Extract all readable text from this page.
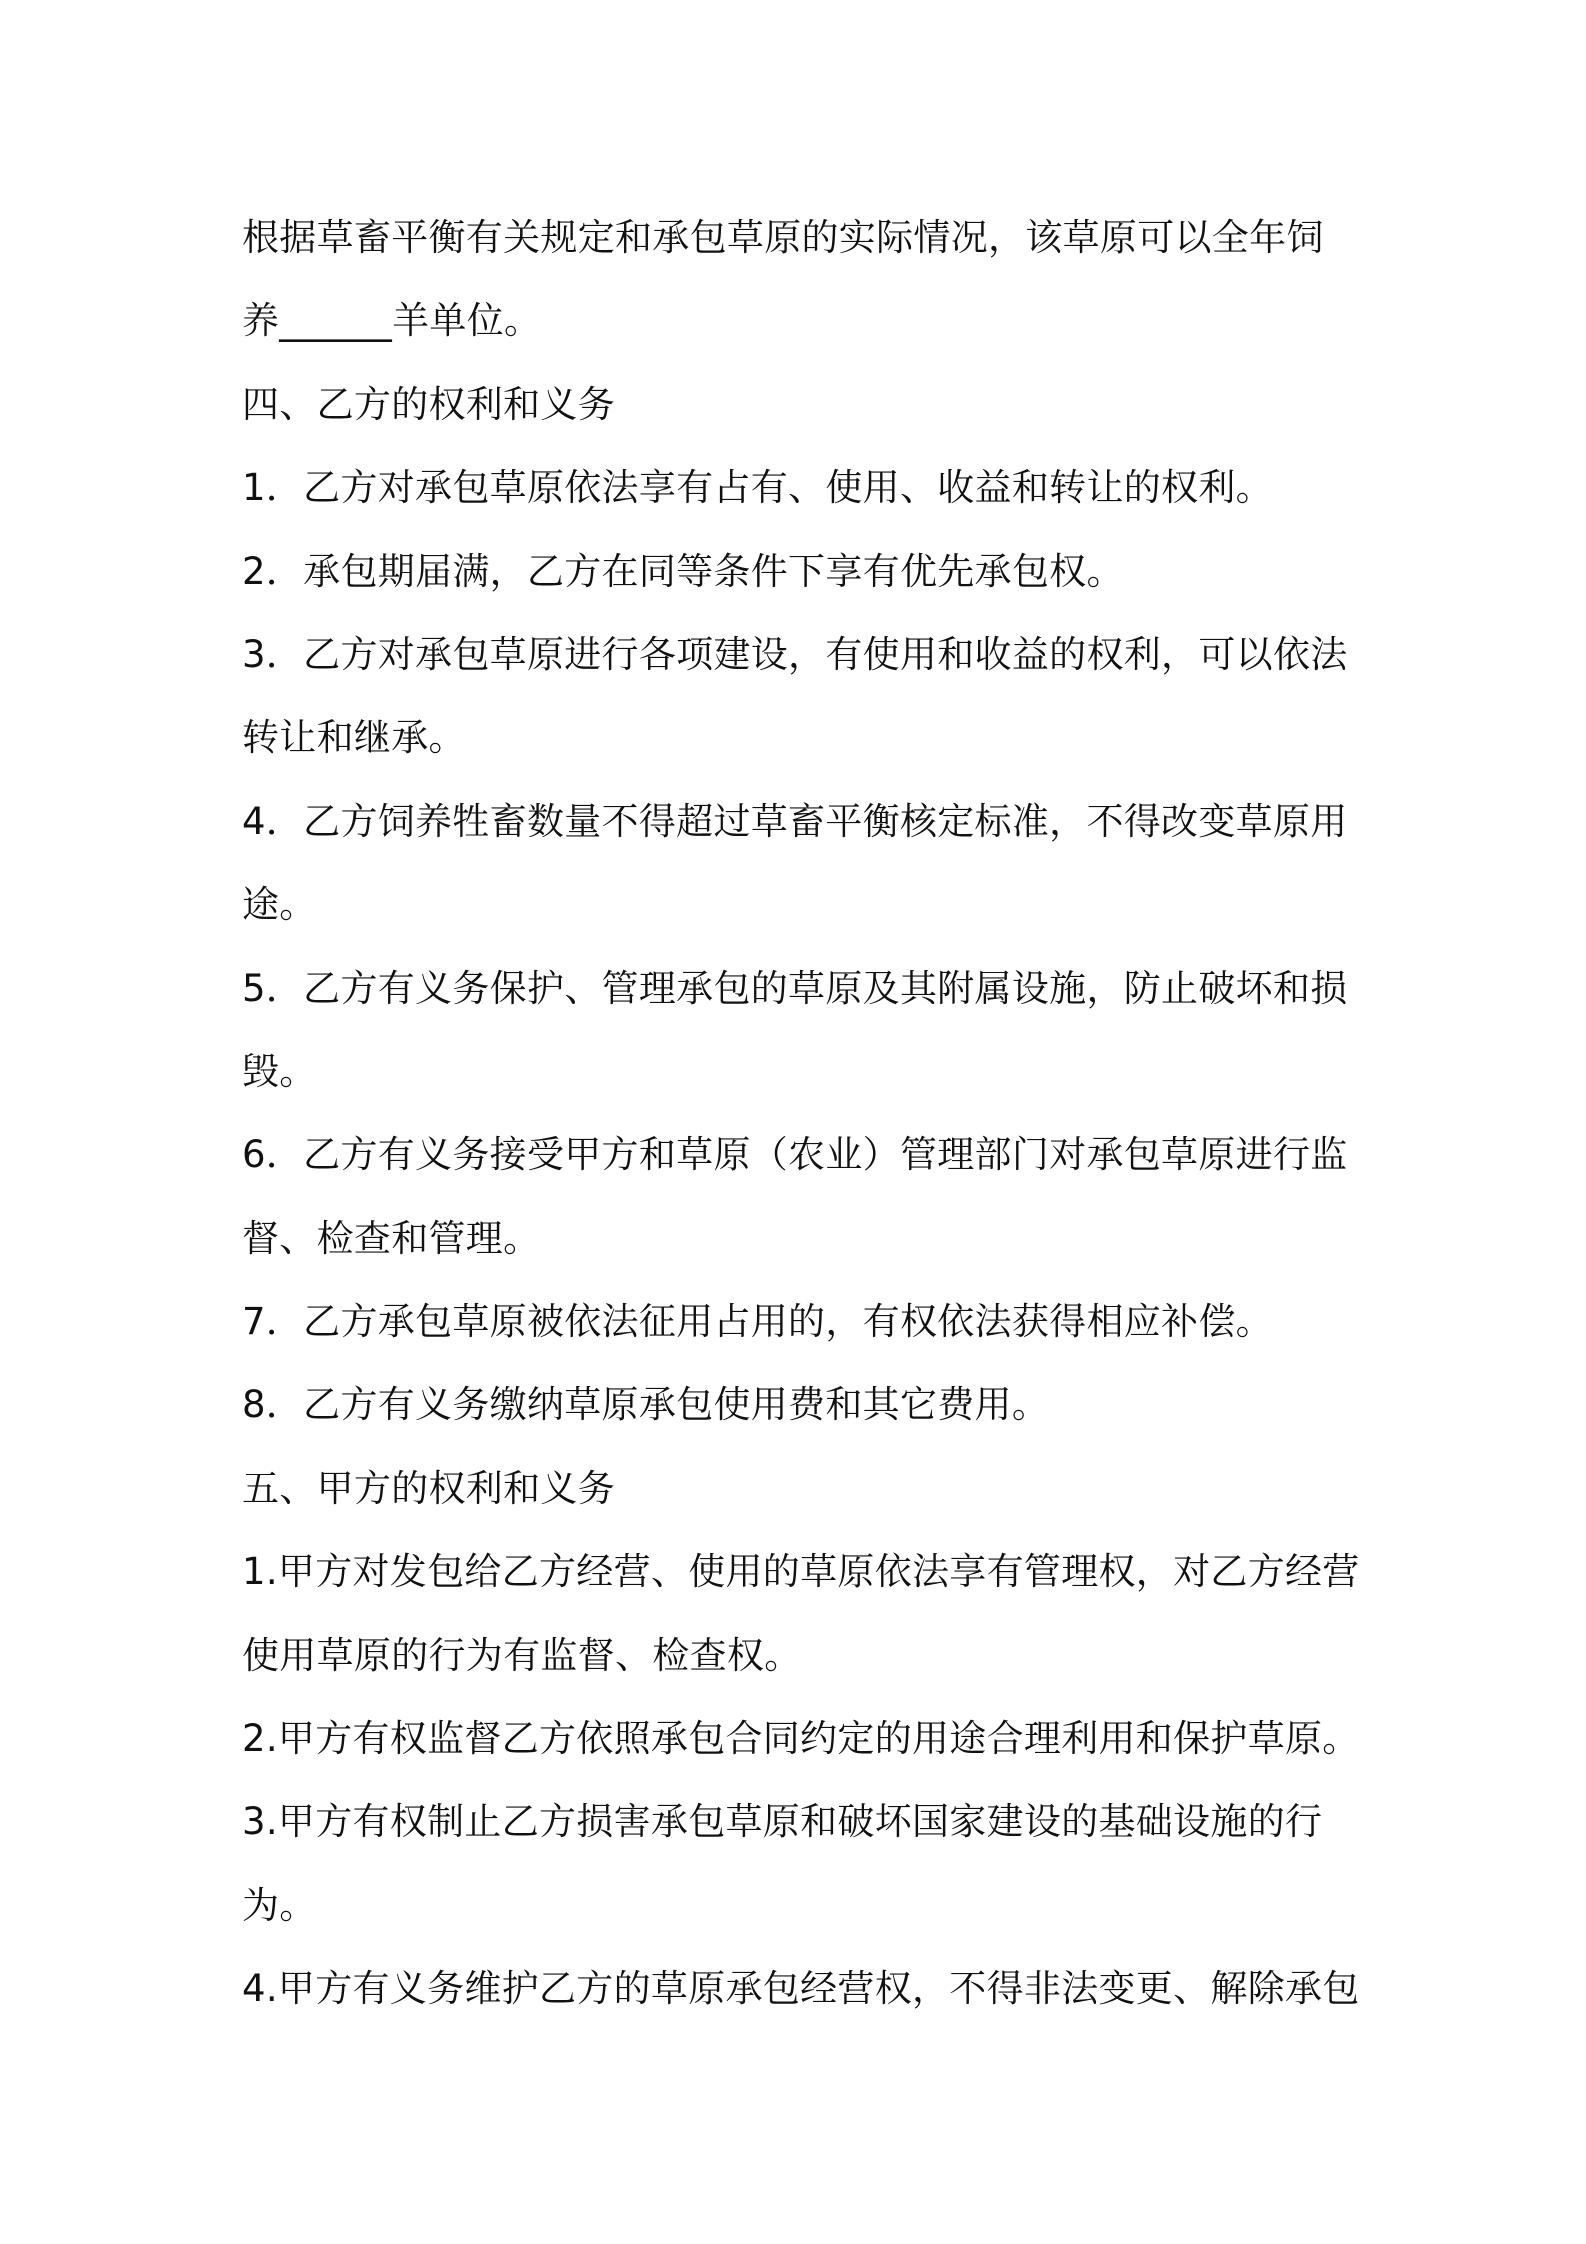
根据草畜平衡有关规定和承包草原的实际情况，该草原可以全年饲
养______羊单位。
四、乙方的权利和义务
1．乙方对承包草原依法享有占有、使用、收益和转让的权利。
2．承包期届满，乙方在同等条件下享有优先承包权。
3．乙方对承包草原进行各项建设，有使用和收益的权利，可以依法
转让和继承。
4．乙方饲养牲畜数量不得超过草畜平衡核定标准，不得改变草原用
途。
5．乙方有义务保护、管理承包的草原及其附属设施，防止破坏和损
毁。
6．乙方有义务接受甲方和草原（农业）管理部门对承包草原进行监
督、检查和管理。
7．乙方承包草原被依法征用占用的，有权依法获得相应补偿。
8．乙方有义务缴纳草原承包使用费和其它费用。
五、甲方的权利和义务
1.甲方对发包给乙方经营、使用的草原依法享有管理权，对乙方经营
使用草原的行为有监督、检查权。
2.甲方有权监督乙方依照承包合同约定的用途合理利用和保护草原。
3.甲方有权制止乙方损害承包草原和破坏国家建设的基础设施的行
为。
4.甲方有义务维护乙方的草原承包经营权，不得非法变更、解除承包
